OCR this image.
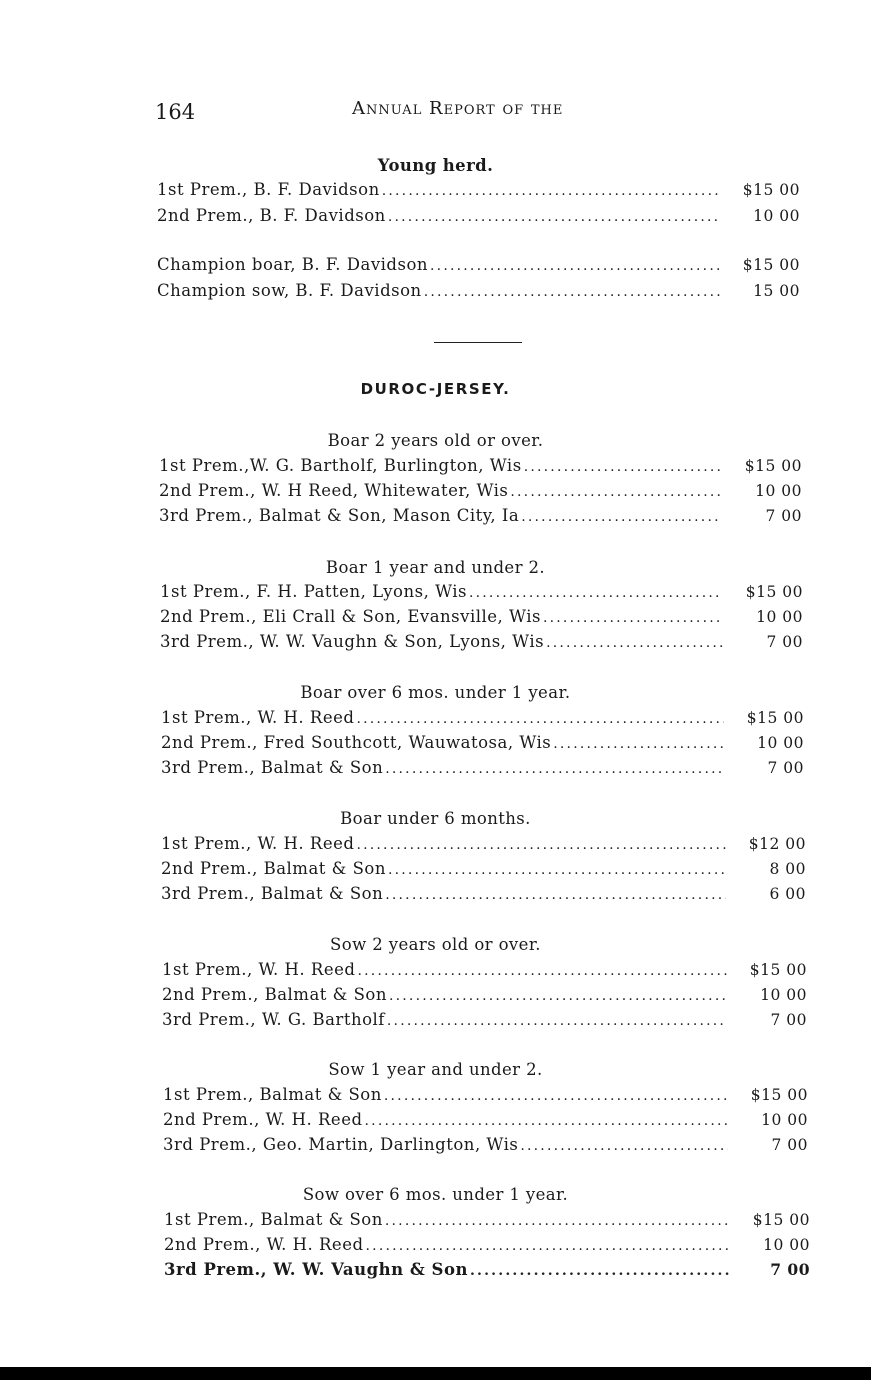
164	Annual Report of the
Young herd.
1st Prem., B. F. Davidson .....	$15 00
2nd Prem., B. F. Davidson .....	10 00
Champion boar, B. F. Davidson .....	$15 00
Champion sow, B. F. Davidson .....	15 00
DUROC-JERSEY.
Boar 2 years old or over.
1st Prem.,W. G. Bartholf, Burlington, Wis .....	$15 00
2nd Prem., W. H Reed, Whitewater, Wis .....	10 00
3rd Prem., Balmat & Son, Mason City, Ia .....	7 00
Boar 1 year and under 2.
1st Prem., F. H. Patten, Lyons, Wis .....	$15 00
2nd Prem., Eli Crall & Son, Evansville, Wis .....	10 00
3rd Prem., W. W. Vaughn & Son, Lyons, Wis .....	7 00
Boar over 6 mos. under 1 year.
1st Prem., W. H. Reed .....	$15 00
2nd Prem., Fred Southcott, Wauwatosa, Wis .....	10 00
3rd Prem., Balmat & Son .....	7 00
Boar under 6 months.
1st Prem., W. H. Reed .....	$12 00
2nd Prem., Balmat & Son .....	8 00
3rd Prem., Balmat & Son .....	6 00
Sow 2 years old or over.
1st Prem., W. H. Reed .....	$15 00
2nd Prem., Balmat & Son .....	10 00
3rd Prem., W. G. Bartholf .....	7 00
Sow 1 year and under 2.
1st Prem., Balmat & Son .....	$15 00
2nd Prem., W. H. Reed .....	10 00
3rd Prem., Geo. Martin, Darlington, Wis .....	7 00
Sow over 6 mos. under 1 year.
1st Prem., Balmat & Son .....	$15 00
2nd Prem., W. H. Reed .....	10 00
3rd Prem., W. W. Vaughn & Son .....	7 00
